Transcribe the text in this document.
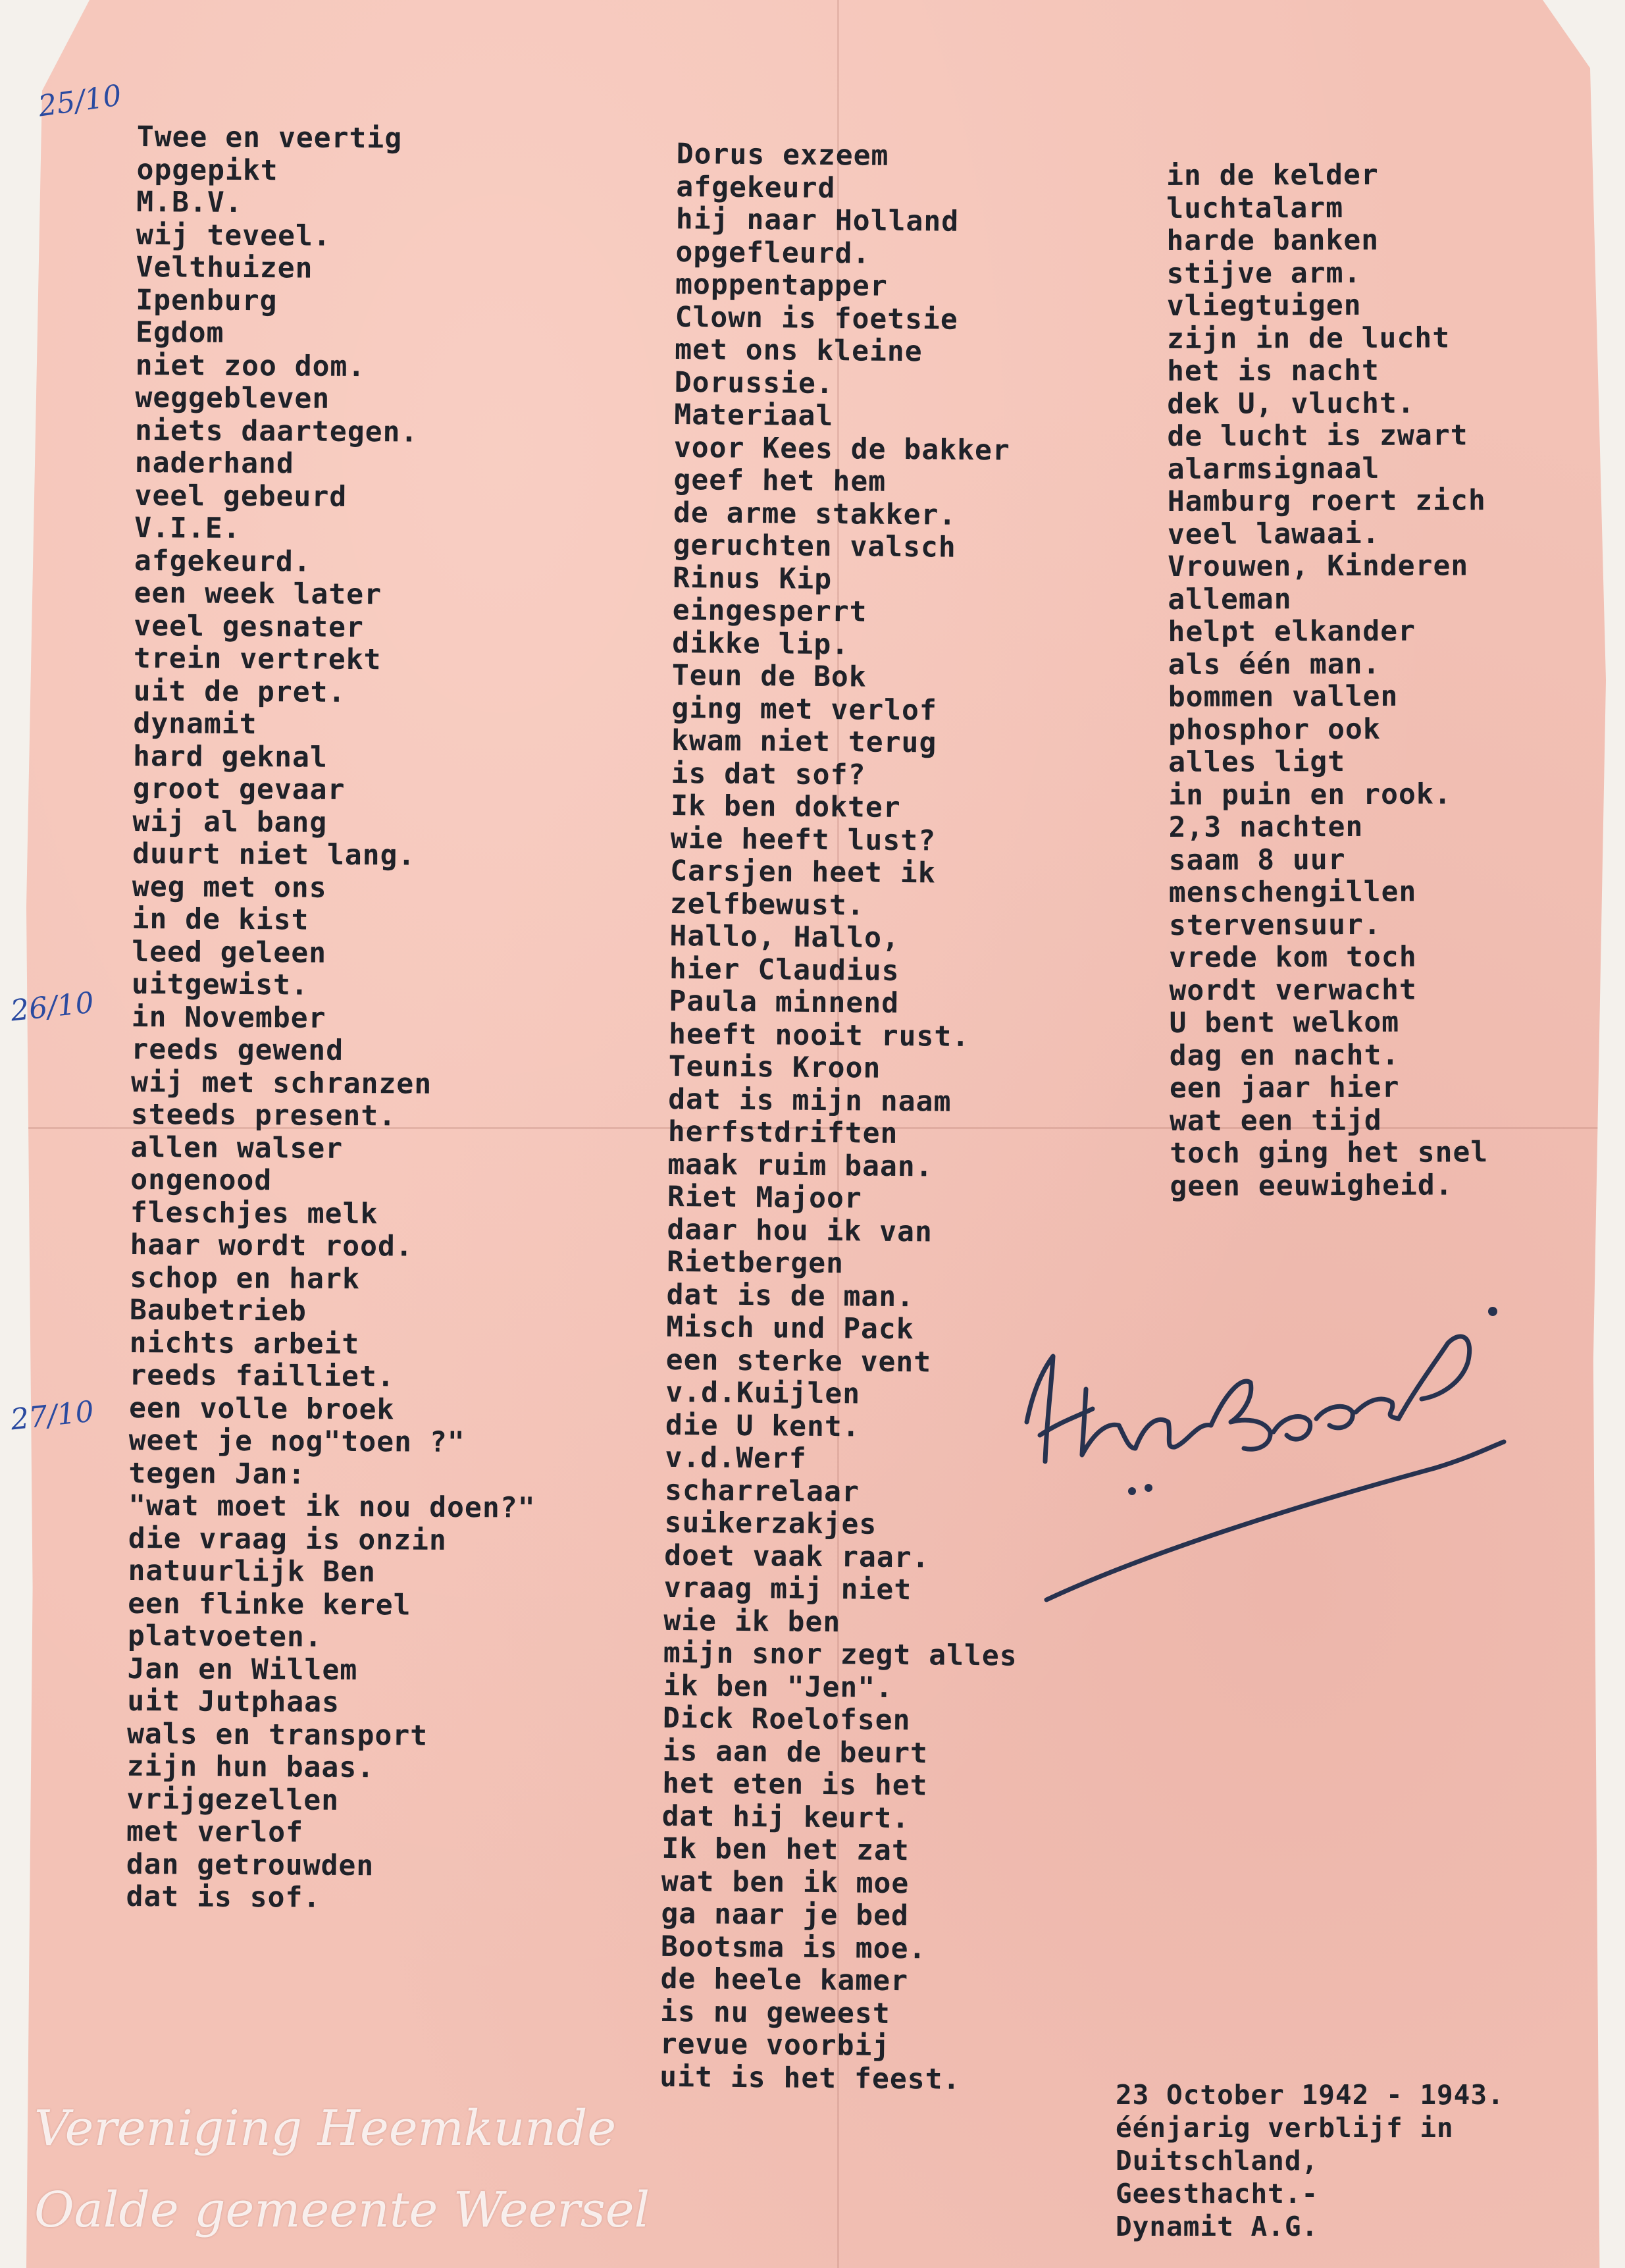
Twee en veertig
opgepikt
M.B.V.
wij teveel.
Velthuizen
Ipenburg
Egdom
niet zoo dom.
weggebleven
niets daartegen.
naderhand
veel gebeurd
V.I.E.
afgekeurd.
een week later
veel gesnater
trein vertrekt
uit de pret.
dynamit
hard geknal
groot gevaar
wij al bang
duurt niet lang.
weg met ons
in de kist
leed geleen
uitgewist.
in November
reeds gewend
wij met schranzen
steeds present.
allen walser
ongenood
fleschjes melk
haar wordt rood.
schop en hark
Baubetrieb
nichts arbeit
reeds failliet.
een volle broek
weet je nog"toen ?"
tegen Jan:
"wat moet ik nou doen?"
die vraag is onzin
natuurlijk Ben
een flinke kerel
platvoeten.
Jan en Willem
uit Jutphaas
wals en transport
zijn hun baas.
vrijgezellen
met verlof
dan getrouwden
dat is sof.
Dorus exzeem
afgekeurd
hij naar Holland
opgefleurd.
moppentapper
Clown is foetsie
met ons kleine
Dorussie.
Materiaal
voor Kees de bakker
geef het hem
de arme stakker.
geruchten valsch
Rinus Kip
eingesperrt
dikke lip.
Teun de Bok
ging met verlof
kwam niet terug
is dat sof?
Ik ben dokter
wie heeft lust?
Carsjen heet ik
zelfbewust.
Hallo, Hallo,
hier Claudius
Paula minnend
heeft nooit rust.
Teunis Kroon
dat is mijn naam
herfstdriften
maak ruim baan.
Riet Majoor
daar hou ik van
Rietbergen
dat is de man.
Misch und Pack
een sterke vent
v.d.Kuijlen
die U kent.
v.d.Werf
scharrelaar
suikerzakjes
doet vaak raar.
vraag mij niet
wie ik ben
mijn snor zegt alles
ik ben "Jen".
Dick Roelofsen
is aan de beurt
het eten is het
dat hij keurt.
Ik ben het zat
wat ben ik moe
ga naar je bed
Bootsma is moe.
de heele kamer
is nu geweest
revue voorbij
uit is het feest.
in de kelder
luchtalarm
harde banken
stijve arm.
vliegtuigen
zijn in de lucht
het is nacht
dek U, vlucht.
de lucht is zwart
alarmsignaal
Hamburg roert zich
veel lawaai.
Vrouwen, Kinderen
alleman
helpt elkander
als één man.
bommen vallen
phosphor ook
alles ligt
in puin en rook.
2,3 nachten
saam 8 uur
menschengillen
stervensuur.
vrede kom toch
wordt verwacht
U bent welkom
dag en nacht.
een jaar hier
wat een tijd
toch ging het snel
geen eeuwigheid.
23 October 1942 - 1943.
éénjarig verblijf in
Duitschland,
Geesthacht.-
Dynamit A.G.
25/10
26/10
27/10
Vereniging Heemkunde
Oalde gemeente Weersel
